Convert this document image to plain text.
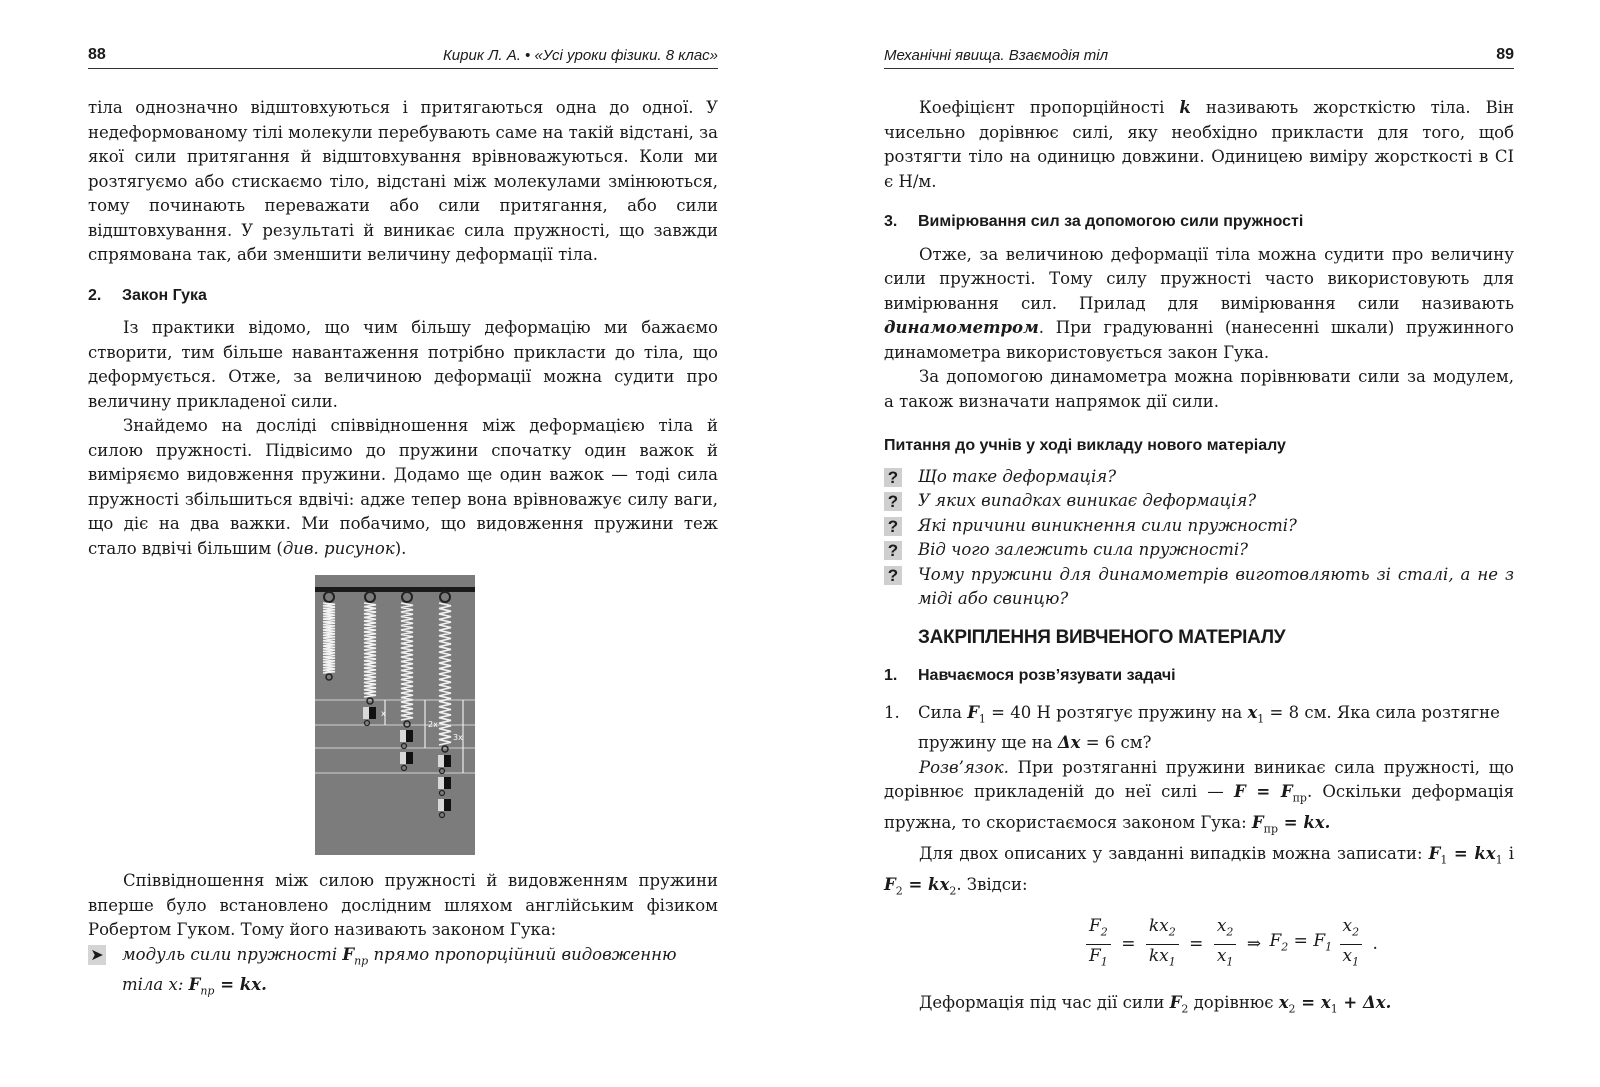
88	Кирик Л. А. • «Усі уроки фізики. 8 клас»

тіла однозначно відштовхуються і притягаються одна до одної. У недеформованому тілі молекули перебувають саме на такій відстані, за якої сили притягання й відштовхування врівноважуються. Коли ми розтягуємо або стискаємо тіло, відстані між молекулами змінюються, тому починають переважати або сили притягання, або сили відштовхування. У результаті й виникає сила пружності, що завжди спрямована так, аби зменшити величину деформації тіла.

2. Закон Гука

Із практики відомо, що чим більшу деформацію ми бажаємо створити, тим більше навантаження потрібно прикласти до тіла, що деформується. Отже, за величиною деформації можна судити про величину прикладеної сили.

Знайдемо на досліді співвідношення між деформацією тіла й силою пружності. Підвісимо до пружини спочатку один важок й виміряємо видовження пружини. Додамо ще один важок — тоді сила пружності збільшиться вдвічі: адже тепер вона врівноважує силу ваги, що діє на два важки. Ми побачимо, що видовження пружини теж стало вдвічі більшим (див. рисунок).

x
2x
3x

Співвідношення між силою пружності й видовженням пружини вперше було встановлено дослідним шляхом англійським фізиком Робертом Гуком. Тому його називають законом Гука:

➤ модуль сили пружності $F_{пр}$ прямо пропорційний видовженню тіла x: $F_{пр}$ = kx.
Механічні явища. Взаємодія тіл	89

Коефіцієнт пропорційності k називають жорсткістю тіла. Він чисельно дорівнює силі, яку необхідно прикласти для того, щоб розтягти тіло на одиницю довжини. Одиницею виміру жорсткості в СІ є Н/м.

3. Вимірювання сил за допомогою сили пружності

Отже, за величиною деформації тіла можна судити про величину сили пружності. Тому силу пружності часто використовують для вимірювання сил. Прилад для вимірювання сили називають динамометром. При градуюванні (нанесенні шкали) пружинного динамометра використовується закон Гука.

За допомогою динамометра можна порівнювати сили за модулем, а також визначати напрямок дії сили.

Питання до учнів у ході викладу нового матеріалу
? Що таке деформація?
? У яких випадках виникає деформація?
? Які причини виникнення сили пружності?
? Від чого залежить сила пружності?
? Чому пружини для динамометрів виготовляють зі сталі, а не з міді або свинцю?
ЗАКРІПЛЕННЯ ВИВЧЕНОГО МАТЕРІАЛУ
1. Навчаємося розв’язувати задачі
1. Сила $F_1 = 40$ Н розтягує пружину на $x_1 = 8$ см. Яка сила розтягне пружину ще на Δx = 6 см?

Розв’язок. При розтяганні пружини виникає сила пружності, що дорівнює прикладеній до неї силі — $F = F_{пр}$. Оскільки деформація пружна, то скористаємося законом Гука: $F_{пр}$ = kx.

Для двох описаних у завданні випадків можна записати: $F_1 = kx_1$ і $F_2 = kx_2$. Звідси:

$\frac{F_2}{F_1} = \frac{kx_2}{kx_1} = \frac{x_2}{x_1}$ ⇒ $F_2 = F_1 \frac{x_2}{x_1}$ .

Деформація під час дії сили $F_2$ дорівнює $x_2 = x_1 + \Delta x$.
